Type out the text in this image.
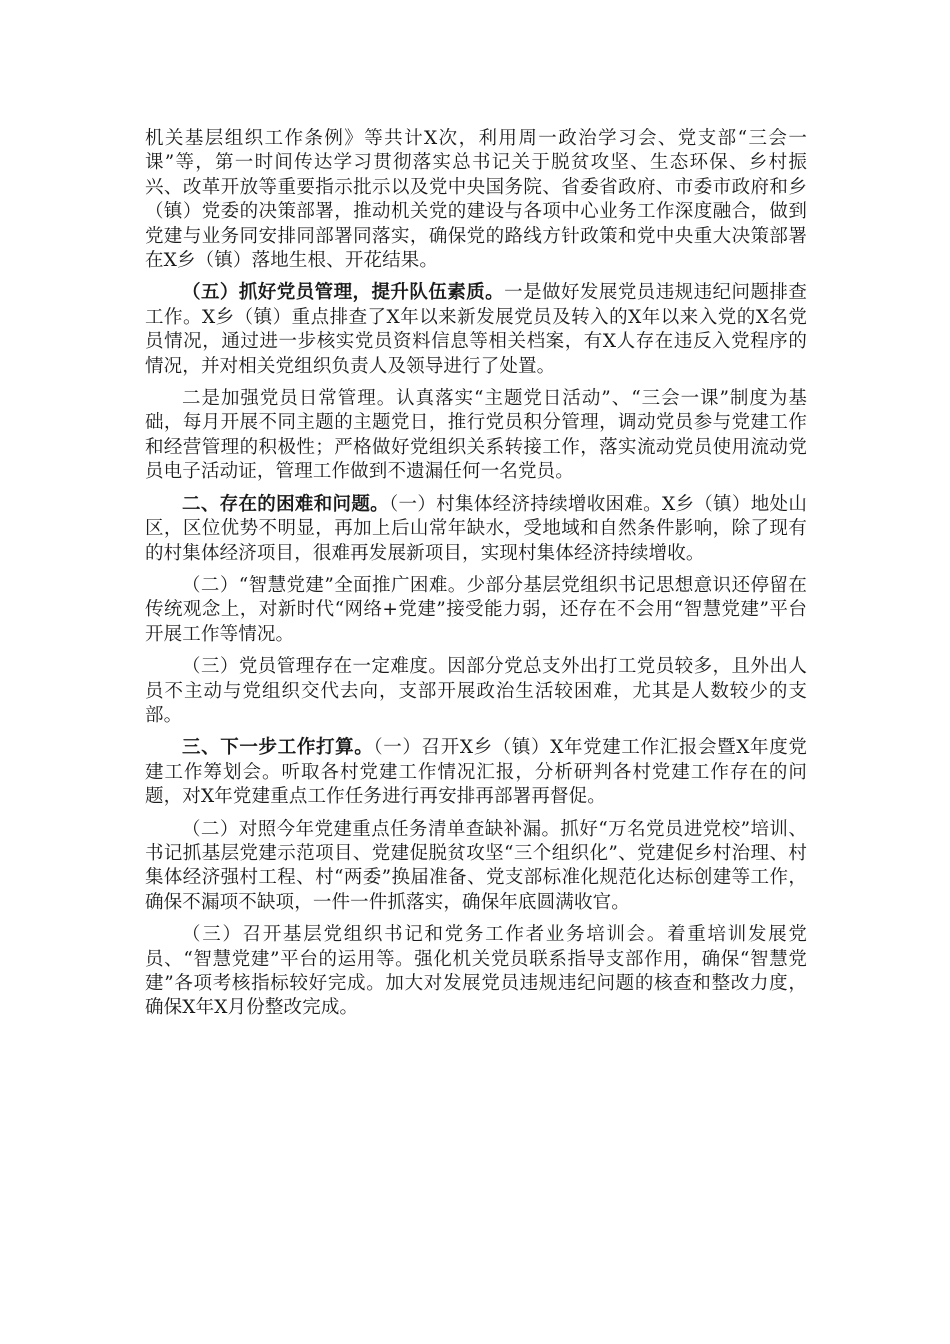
机关基层组织工作条例》等共计X次，利用周一政治学习会、党支部“三会一课”等，第一时间传达学习贯彻落实总书记关于脱贫攻坚、生态环保、乡村振兴、改革开放等重要指示批示以及党中央国务院、省委省政府、市委市政府和乡（镇）党委的决策部署，推动机关党的建设与各项中心业务工作深度融合，做到党建与业务同安排同部署同落实，确保党的路线方针政策和党中央重大决策部署在X乡（镇）落地生根、开花结果。

（五）抓好党员管理，提升队伍素质。一是做好发展党员违规违纪问题排查工作。X乡（镇）重点排查了X年以来新发展党员及转入的X年以来入党的X名党员情况，通过进一步核实党员资料信息等相关档案，有X人存在违反入党程序的情况，并对相关党组织负责人及领导进行了处置。

二是加强党员日常管理。认真落实“主题党日活动”、“三会一课”制度为基础，每月开展不同主题的主题党日，推行党员积分管理，调动党员参与党建工作和经营管理的积极性；严格做好党组织关系转接工作，落实流动党员使用流动党员电子活动证，管理工作做到不遗漏任何一名党员。

二、存在的困难和问题。（一）村集体经济持续增收困难。X乡（镇）地处山区，区位优势不明显，再加上后山常年缺水，受地域和自然条件影响，除了现有的村集体经济项目，很难再发展新项目，实现村集体经济持续增收。

（二）“智慧党建”全面推广困难。少部分基层党组织书记思想意识还停留在传统观念上，对新时代“网络+党建”接受能力弱，还存在不会用“智慧党建”平台开展工作等情况。

（三）党员管理存在一定难度。因部分党总支外出打工党员较多，且外出人员不主动与党组织交代去向，支部开展政治生活较困难，尤其是人数较少的支部。

三、下一步工作打算。（一）召开X乡（镇）X年党建工作汇报会暨X年度党建工作筹划会。听取各村党建工作情况汇报，分析研判各村党建工作存在的问题，对X年党建重点工作任务进行再安排再部署再督促。

（二）对照今年党建重点任务清单查缺补漏。抓好“万名党员进党校”培训、书记抓基层党建示范项目、党建促脱贫攻坚“三个组织化”、党建促乡村治理、村集体经济强村工程、村“两委”换届准备、党支部标准化规范化达标创建等工作，确保不漏项不缺项，一件一件抓落实，确保年底圆满收官。

（三）召开基层党组织书记和党务工作者业务培训会。着重培训发展党员、“智慧党建”平台的运用等。强化机关党员联系指导支部作用，确保“智慧党建”各项考核指标较好完成。加大对发展党员违规违纪问题的核查和整改力度，确保X年X月份整改完成。
